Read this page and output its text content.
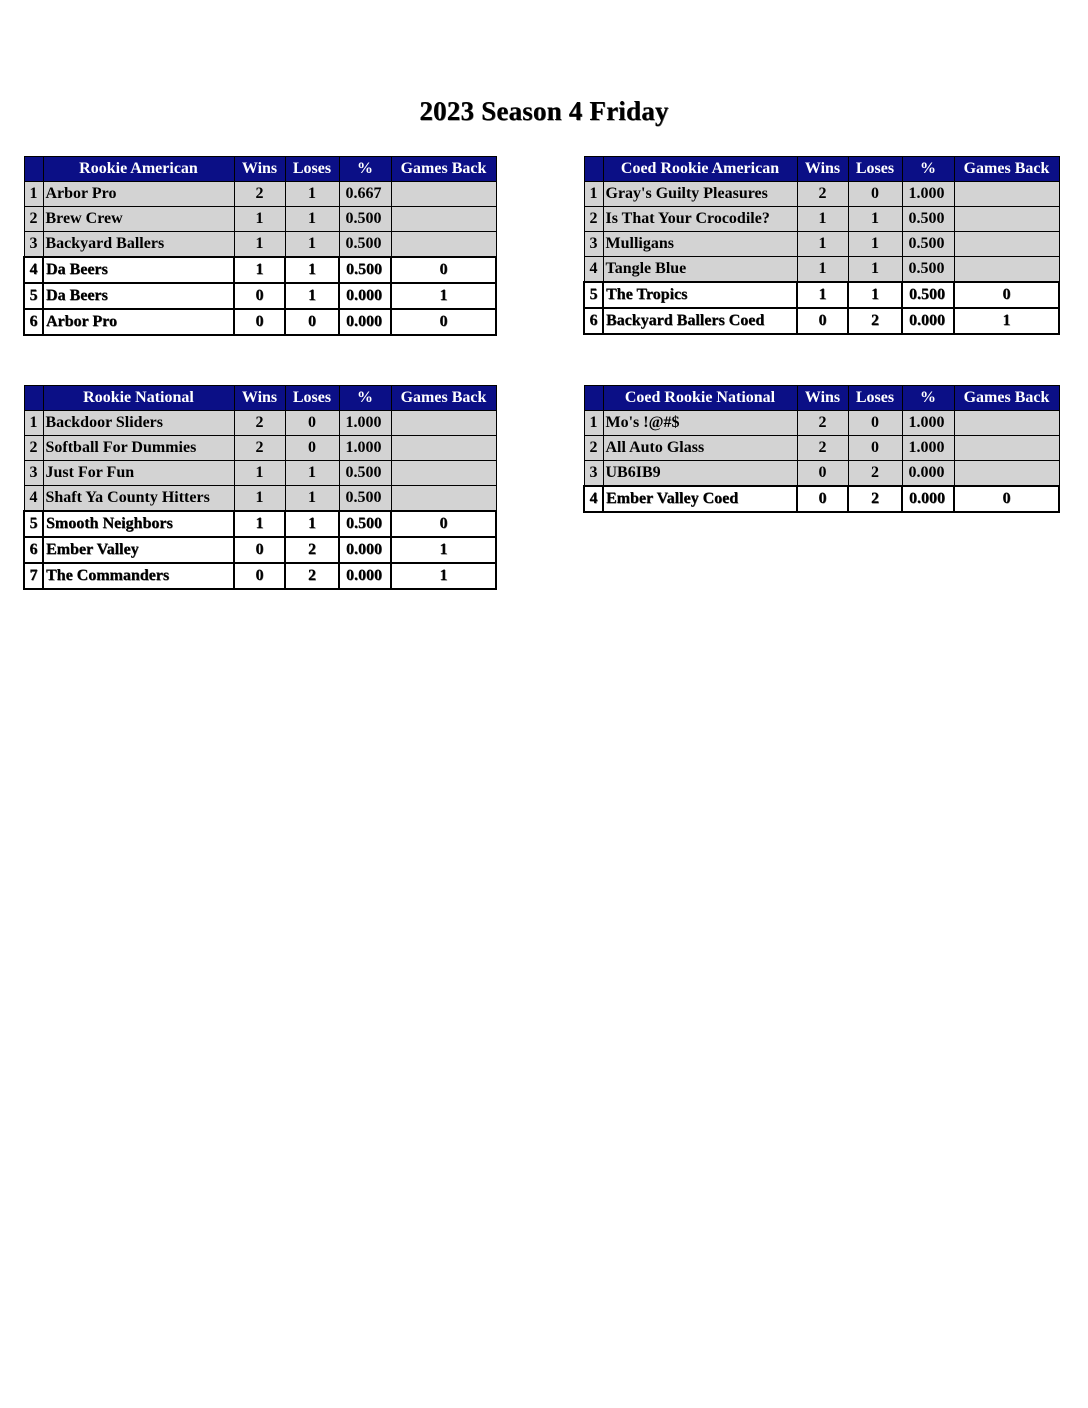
2023 Season 4 Friday
	Rookie American	Wins	Loses	%	Games Back
1	Arbor Pro	2	1	0.667	
2	Brew Crew	1	1	0.500	
3	Backyard Ballers	1	1	0.500	
4	Da Beers	1	1	0.500	0
5	Da Beers	0	1	0.000	1
6	Arbor Pro	0	0	0.000	0
	Coed Rookie American	Wins	Loses	%	Games Back
1	Gray's Guilty Pleasures	2	0	1.000	
2	Is That Your Crocodile?	1	1	0.500	
3	Mulligans	1	1	0.500	
4	Tangle Blue	1	1	0.500	
5	The Tropics	1	1	0.500	0
6	Backyard Ballers Coed	0	2	0.000	1
	Rookie National	Wins	Loses	%	Games Back
1	Backdoor Sliders	2	0	1.000	
2	Softball For Dummies	2	0	1.000	
3	Just For Fun	1	1	0.500	
4	Shaft Ya County Hitters	1	1	0.500	
5	Smooth Neighbors	1	1	0.500	0
6	Ember Valley	0	2	0.000	1
7	The Commanders	0	2	0.000	1
	Coed Rookie National	Wins	Loses	%	Games Back
1	Mo's !@#$	2	0	1.000	
2	All Auto Glass	2	0	1.000	
3	UB6IB9	0	2	0.000	
4	Ember Valley Coed	0	2	0.000	0
